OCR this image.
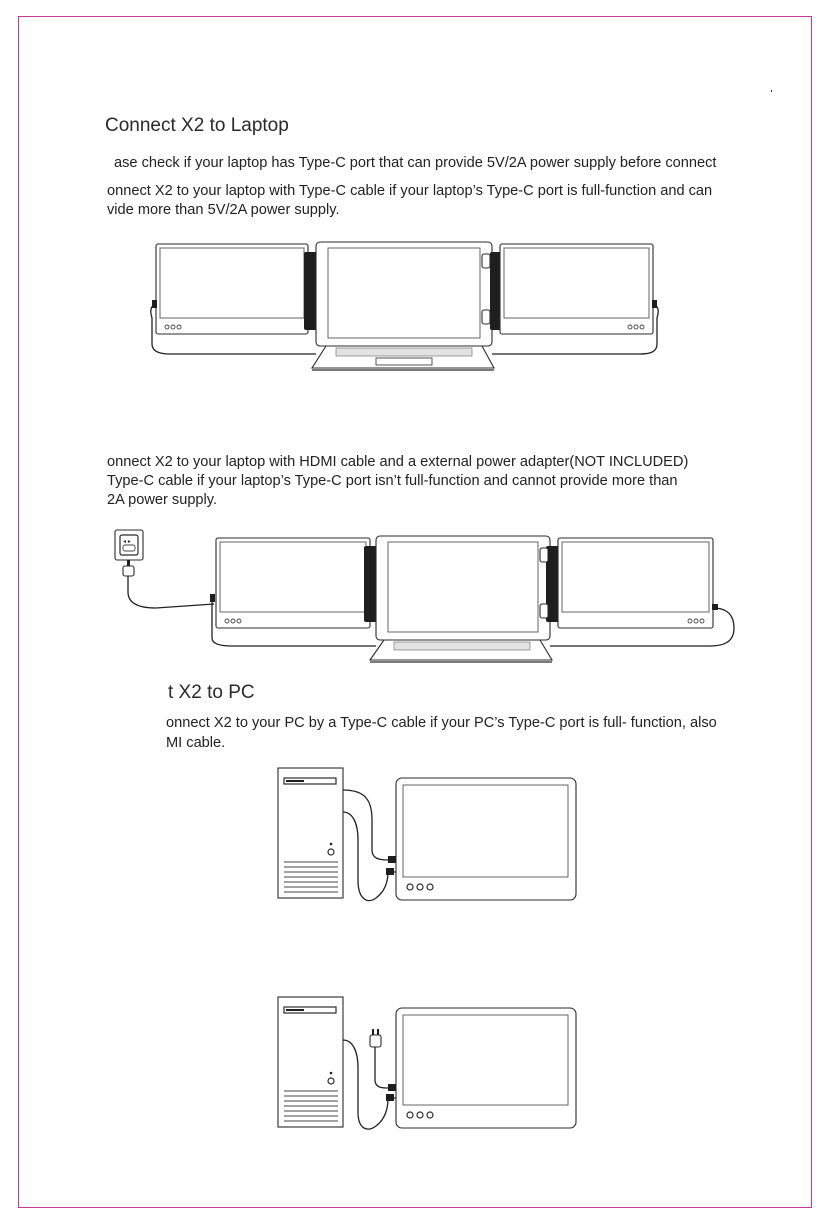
Connect X2 to Laptop

ase check if your laptop has Type-C port that can provide 5V/2A power supply before connect

onnect X2 to your laptop with Type-C cable if your laptop’s Type-C port is full-function and can

vide more than 5V/2A power supply.

onnect X2 to your laptop with HDMI cable and a external power adapter(NOT INCLUDED)

Type-C cable if your laptop’s Type-C port isn’t full-function and cannot provide more than

2A power supply.

t X2 to PC

onnect X2 to your PC by a Type-C cable if your PC’s Type-C port is full- function, also

MI cable.

◂ ▸
